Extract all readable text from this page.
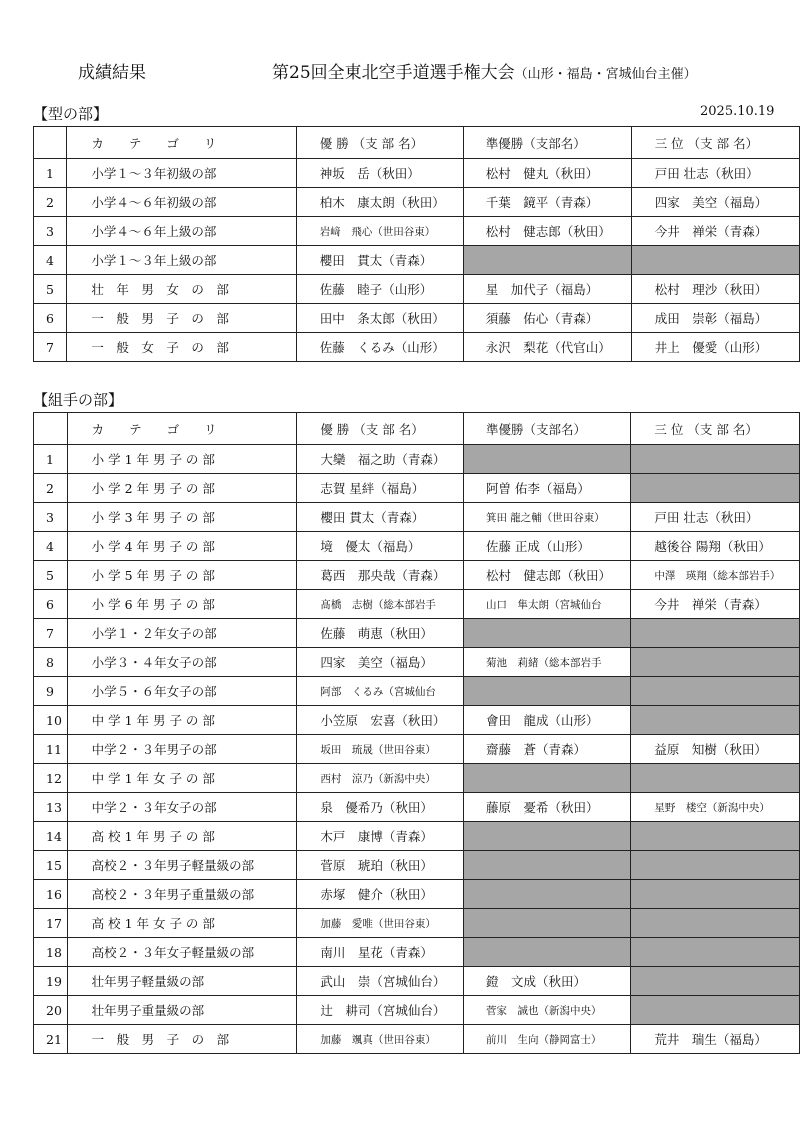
成績結果	第25回全東北空手道選手権大会（山形・福島・宮城仙台主催）
【型の部】	2025.10.19
	カ　　テ　　ゴ　　リ	優 勝 （支 部 名）	準優勝（支部名）	三 位 （支 部 名）
1	小学１～３年初級の部	神坂　岳（秋田）	松村　健丸（秋田）	戸田 壮志（秋田）
2	小学４～６年初級の部	柏木　康太朗（秋田）	千葉　鏡平（青森）	四家　美空（福島）
3	小学４～６年上級の部	岩﨑　飛心（世田谷東）	松村　健志郎（秋田）	今井　禅栄（青森）
4	小学１～３年上級の部	櫻田　貫太（青森）		
5	壮　年　男　女　の　部	佐藤　睦子（山形）	星　加代子（福島）	松村　理沙（秋田）
6	一　般　男　子　の　部	田中　条太郎（秋田）	須藤　佑心（青森）	成田　崇彰（福島）
7	一　般　女　子　の　部	佐藤　くるみ（山形）	永沢　梨花（代官山）	井上　優愛（山形）
【組手の部】
	カ　　テ　　ゴ　　リ	優 勝 （支 部 名）	準優勝（支部名）	三 位 （支 部 名）
1	小 学 1 年 男 子 の 部	大欒　福之助（青森）		
2	小 学 2 年 男 子 の 部	志賀 星絆（福島）	阿曽 佑李（福島）	
3	小 学 3 年 男 子 の 部	櫻田 貫太（青森）	箕田 龍之輔（世田谷東）	戸田 壮志（秋田）
4	小 学 4 年 男 子 の 部	境　優太（福島）	佐藤 正成（山形）	越後谷 陽翔（秋田）
5	小 学 5 年 男 子 の 部	葛西　那央哉（青森）	松村　健志郎（秋田）	中澤　瑛翔（総本部岩手）
6	小 学 6 年 男 子 の 部	髙橋　志樹（総本部岩手	山口　隼太朗（宮城仙台	今井　禅栄（青森）
7	小学１・２年女子の部	佐藤　萌恵（秋田）		
8	小学３・４年女子の部	四家　美空（福島）	菊池　莉緒（総本部岩手	
9	小学５・６年女子の部	阿部　くるみ（宮城仙台		
10	中 学 1 年 男 子 の 部	小笠原　宏喜（秋田）	會田　龍成（山形）	
11	中学２・３年男子の部	坂田　琉晟（世田谷東）	齋藤　蒼（青森）	益原　知樹（秋田）
12	中 学 1 年 女 子 の 部	西村　涼乃（新潟中央）		
13	中学２・３年女子の部	泉　優希乃（秋田）	藤原　憂希（秋田）	星野　楼空（新潟中央）
14	高 校 1 年 男 子 の 部	木戸　康博（青森）		
15	高校２・３年男子軽量級の部	菅原　琥珀（秋田）		
16	高校２・３年男子重量級の部	赤塚　健介（秋田）		
17	高 校 1 年 女 子 の 部	加藤　愛唯（世田谷東）		
18	高校２・３年女子軽量級の部	南川　星花（青森）		
19	壮年男子軽量級の部	武山　崇（宮城仙台）	鐙　文成（秋田）	
20	壮年男子重量級の部	辻　耕司（宮城仙台）	菅家　誠也（新潟中央）	
21	一　般　男　子　の　部	加藤　颯真（世田谷東）	前川　生向（静岡富士）	荒井　瑞生（福島）
